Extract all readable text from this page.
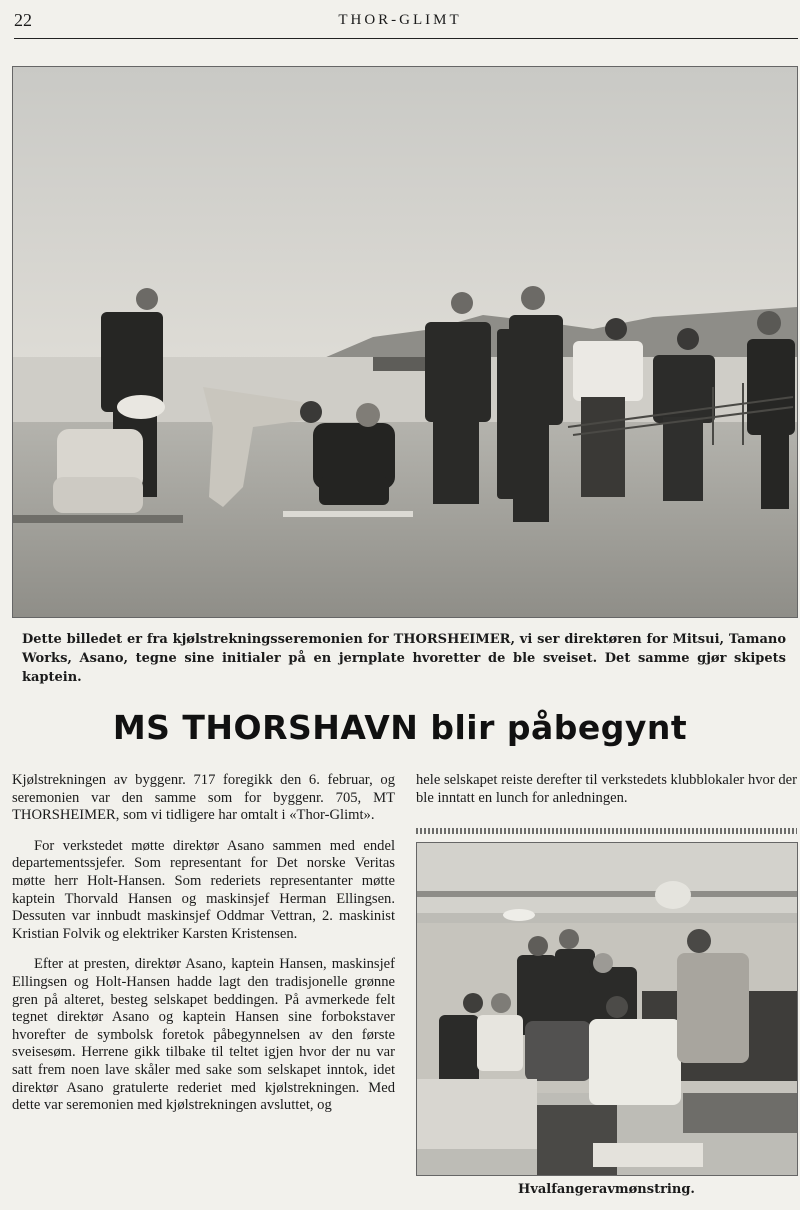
22	THOR-GLIMT
Dette billedet er fra kjølstrekningsseremonien for THORSHEIMER, vi ser direktøren for Mitsui, Tamano Works, Asano, tegne sine initialer på en jernplate hvoretter de ble sveiset. Det samme gjør skipets kaptein.
MS THORSHAVN blir påbegynt

Kjølstrekningen av byggenr. 717 foregikk den 6. februar, og seremonien var den samme som for byggenr. 705, MT THORSHEIMER, som vi tidligere har omtalt i «Thor-Glimt».

For verkstedet møtte direktør Asano sammen med endel departementssjefer. Som representant for Det norske Veritas møtte herr Holt-Hansen. Som rederiets representanter møtte kaptein Thorvald Hansen og maskinsjef Herman Ellingsen. Dessuten var innbudt maskinsjef Oddmar Vettran, 2. maskinist Kristian Folvik og elektriker Karsten Kristensen.

Efter at presten, direktør Asano, kaptein Hansen, maskinsjef Ellingsen og Holt-Hansen hadde lagt den tradisjonelle grønne gren på alteret, besteg selskapet beddingen. På avmerkede felt tegnet direktør Asano og kaptein Hansen sine forbokstaver hvorefter de symbolsk foretok påbegynnelsen av den første sveisesøm. Herrene gikk tilbake til teltet igjen hvor der nu var satt frem noen lave skåler med sake som selskapet inntok, idet direktør Asano gratulerte rederiet med kjølstrekningen. Med dette var seremonien med kjølstrekningen avsluttet, og

hele selskapet reiste derefter til verkstedets klubblokaler hvor der ble inntatt en lunch for anledningen.

Hvalfangeravmønstring.
